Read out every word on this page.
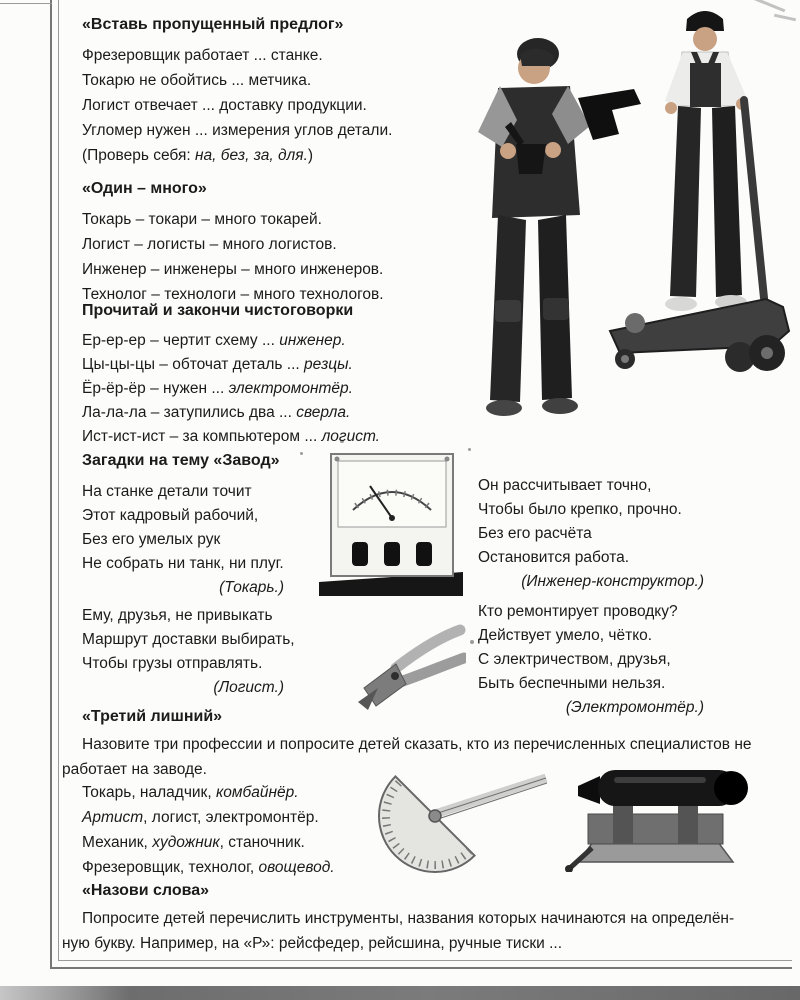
«Вставь пропущенный предлог»
Фрезеровщик работает ... станке.
Токарю не обойтись ... метчика.
Логист отвечает ... доставку продукции.
Угломер нужен ... измерения углов детали.
(Проверь себя: на, без, за, для.)
«Один – много»
Токарь – токари – много токарей.
Логист – логисты – много логистов.
Инженер – инженеры – много инженеров.
Технолог – технологи – много технологов.
Прочитай и закончи чистоговорки
Ер-ер-ер – чертит схему ... инженер.
Цы-цы-цы – обточат деталь ... резцы.
Ёр-ёр-ёр – нужен ... электромонтёр.
Ла-ла-ла – затупились два ... сверла.
Ист-ист-ист – за компьютером ... логист.
Загадки на тему «Завод»
На станке детали точит
Этот кадровый рабочий,
Без его умелых рук
Не собрать ни танк, ни плуг.
(Токарь.)
Он рассчитывает точно,
Чтобы было крепко, прочно.
Без его расчёта
Остановится работа.
(Инженер-конструктор.)
Ему, друзья, не привыкать
Маршрут доставки выбирать,
Чтобы грузы отправлять.
(Логист.)
Кто ремонтирует проводку?
Действует умело, чётко.
С электричеством, друзья,
Быть беспечными нельзя.
(Электромонтёр.)
«Третий лишний»
Назовите три профессии и попросите детей сказать, кто из перечисленных специалистов не
работает на заводе.
Токарь, наладчик, комбайнёр.
Артист, логист, электромонтёр.
Механик, художник, станочник.
Фрезеровщик, технолог, овощевод.
«Назови слова»
Попросите детей перечислить инструменты, названия которых начинаются на определён-
ную букву. Например, на «Р»: рейсфедер, рейсшина, ручные тиски ...
